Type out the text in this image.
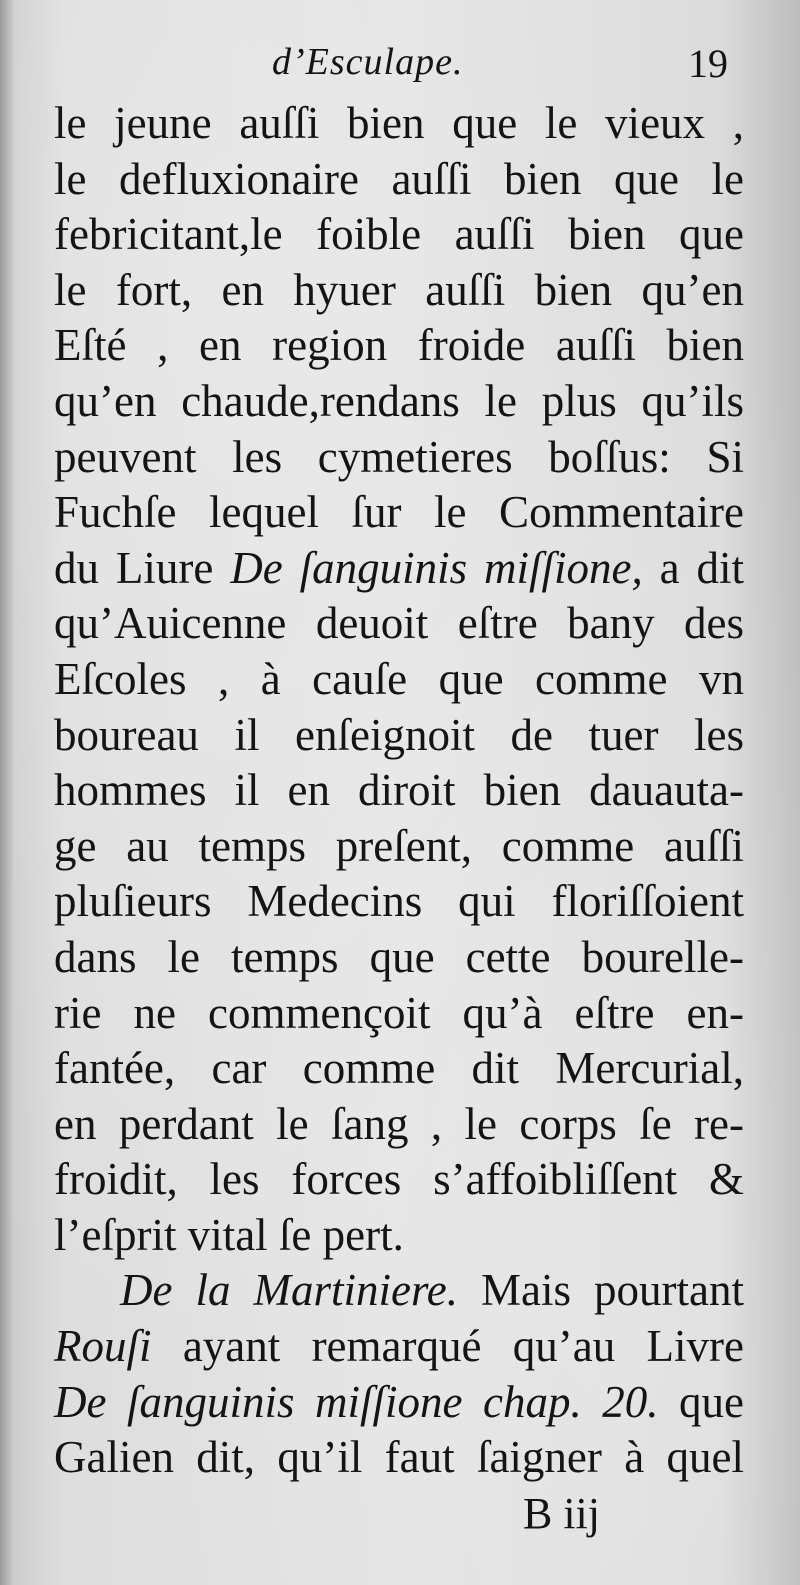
d’Esculape.	19
le jeune auſſi bien que le vieux ,
le defluxionaire auſſi bien que le
febricitant,le foible auſſi bien que
le fort, en hyuer auſſi bien qu’en
Eſté , en region froide auſſi bien
qu’en chaude,rendans le plus qu’ils
peuvent les cymetieres boſſus: Si
Fuchſe lequel ſur le Commentaire
du Liure De ſanguinis miſſione, a dit
qu’Auicenne deuoit eſtre bany des
Eſcoles , à cauſe que comme vn
boureau il enſeignoit de tuer les
hommes il en diroit bien dauauta-
ge au temps preſent, comme auſſi
pluſieurs Medecins qui floriſſoient
dans le temps que cette bourelle-
rie ne commençoit qu’à eſtre en-
fantée, car comme dit Mercurial,
en perdant le ſang , le corps ſe re-
froidit, les forces s’affoibliſſent &
l’eſprit vital ſe pert.
De la Martiniere. Mais pourtant
Rouſi ayant remarqué qu’au Livre
De ſanguinis miſſione chap. 20. que
Galien dit, qu’il faut ſaigner à quel
B iij
